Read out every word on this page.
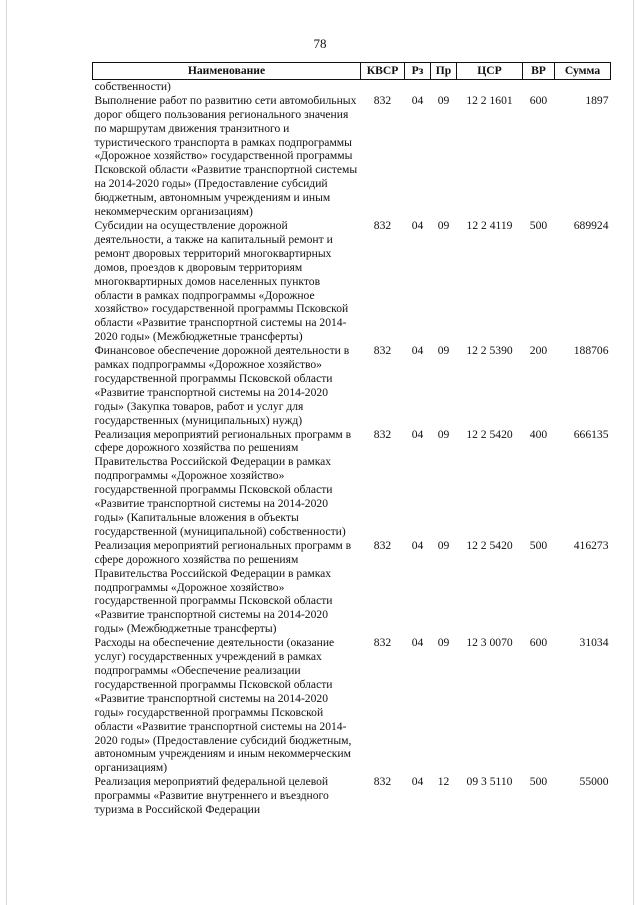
78
Наименование	КВСР	Рз	Пр	ЦСР	ВР	Сумма
собственности)						
Выполнение работ по развитию сети автомобильных дорог общего пользования регионального значения по маршрутам движения транзитного и туристического транспорта в рамках подпрограммы «Дорожное хозяйство» государственной программы Псковской области «Развитие транспортной системы на 2014-2020 годы» (Предоставление субсидий бюджетным, автономным учреждениям и иным некоммерческим организациям)	832	04	09	12 2 1601	600	1897
Субсидии на осуществление дорожной деятельности, а также на капитальный ремонт и ремонт дворовых территорий многоквартирных домов, проездов к дворовым территориям многоквартирных домов населенных пунктов области в рамках подпрограммы «Дорожное хозяйство» государственной программы Псковской области «Развитие транспортной системы на 2014-2020 годы» (Межбюджетные трансферты)	832	04	09	12 2 4119	500	689924
Финансовое обеспечение дорожной деятельности в рамках подпрограммы «Дорожное хозяйство» государственной программы Псковской области «Развитие транспортной системы на 2014-2020 годы» (Закупка товаров, работ и услуг для государственных (муниципальных) нужд)	832	04	09	12 2 5390	200	188706
Реализация мероприятий региональных программ в сфере дорожного хозяйства по решениям Правительства Российской Федерации в рамках подпрограммы «Дорожное хозяйство» государственной программы Псковской области «Развитие транспортной системы на 2014-2020 годы» (Капитальные вложения в объекты государственной (муниципальной) собственности)	832	04	09	12 2 5420	400	666135
Реализация мероприятий региональных программ в сфере дорожного хозяйства по решениям Правительства Российской Федерации в рамках подпрограммы «Дорожное хозяйство» государственной программы Псковской области «Развитие транспортной системы на 2014-2020 годы» (Межбюджетные трансферты)	832	04	09	12 2 5420	500	416273
Расходы на обеспечение деятельности (оказание услуг) государственных учреждений в рамках подпрограммы «Обеспечение реализации государственной программы Псковской области «Развитие транспортной системы на 2014-2020 годы» государственной программы Псковской области «Развитие транспортной системы на 2014-2020 годы» (Предоставление субсидий бюджетным, автономным учреждениям и иным некоммерческим организациям)	832	04	09	12 3 0070	600	31034
Реализация мероприятий федеральной целевой программы «Развитие внутреннего и въездного туризма в Российской Федерации	832	04	12	09 3 5110	500	55000
